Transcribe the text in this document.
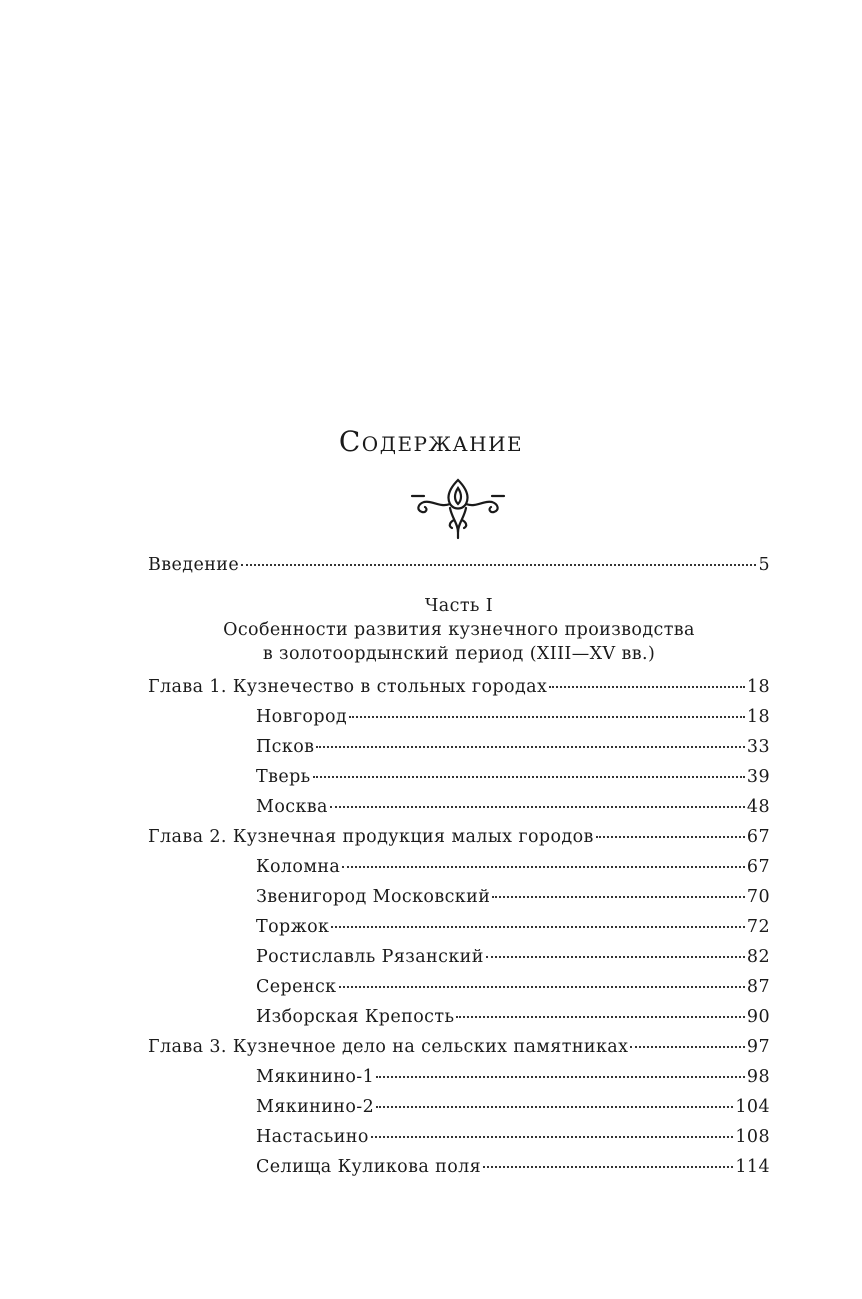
Содержание
Введение	5
Часть I
Особенности развития кузнечного производства
в золотоордынский период (XIII—XV вв.)
Глава 1. Кузнечество в стольных городах	18
Новгород	18
Псков	33
Тверь	39
Москва	48
Глава 2. Кузнечная продукция малых городов	67
Коломна	67
Звенигород Московский	70
Торжок	72
Ростиславль Рязанский	82
Серенск	87
Изборская Крепость	90
Глава 3. Кузнечное дело на сельских памятниках	97
Мякинино-1	98
Мякинино-2	104
Настасьино	108
Селища Куликова поля	114
